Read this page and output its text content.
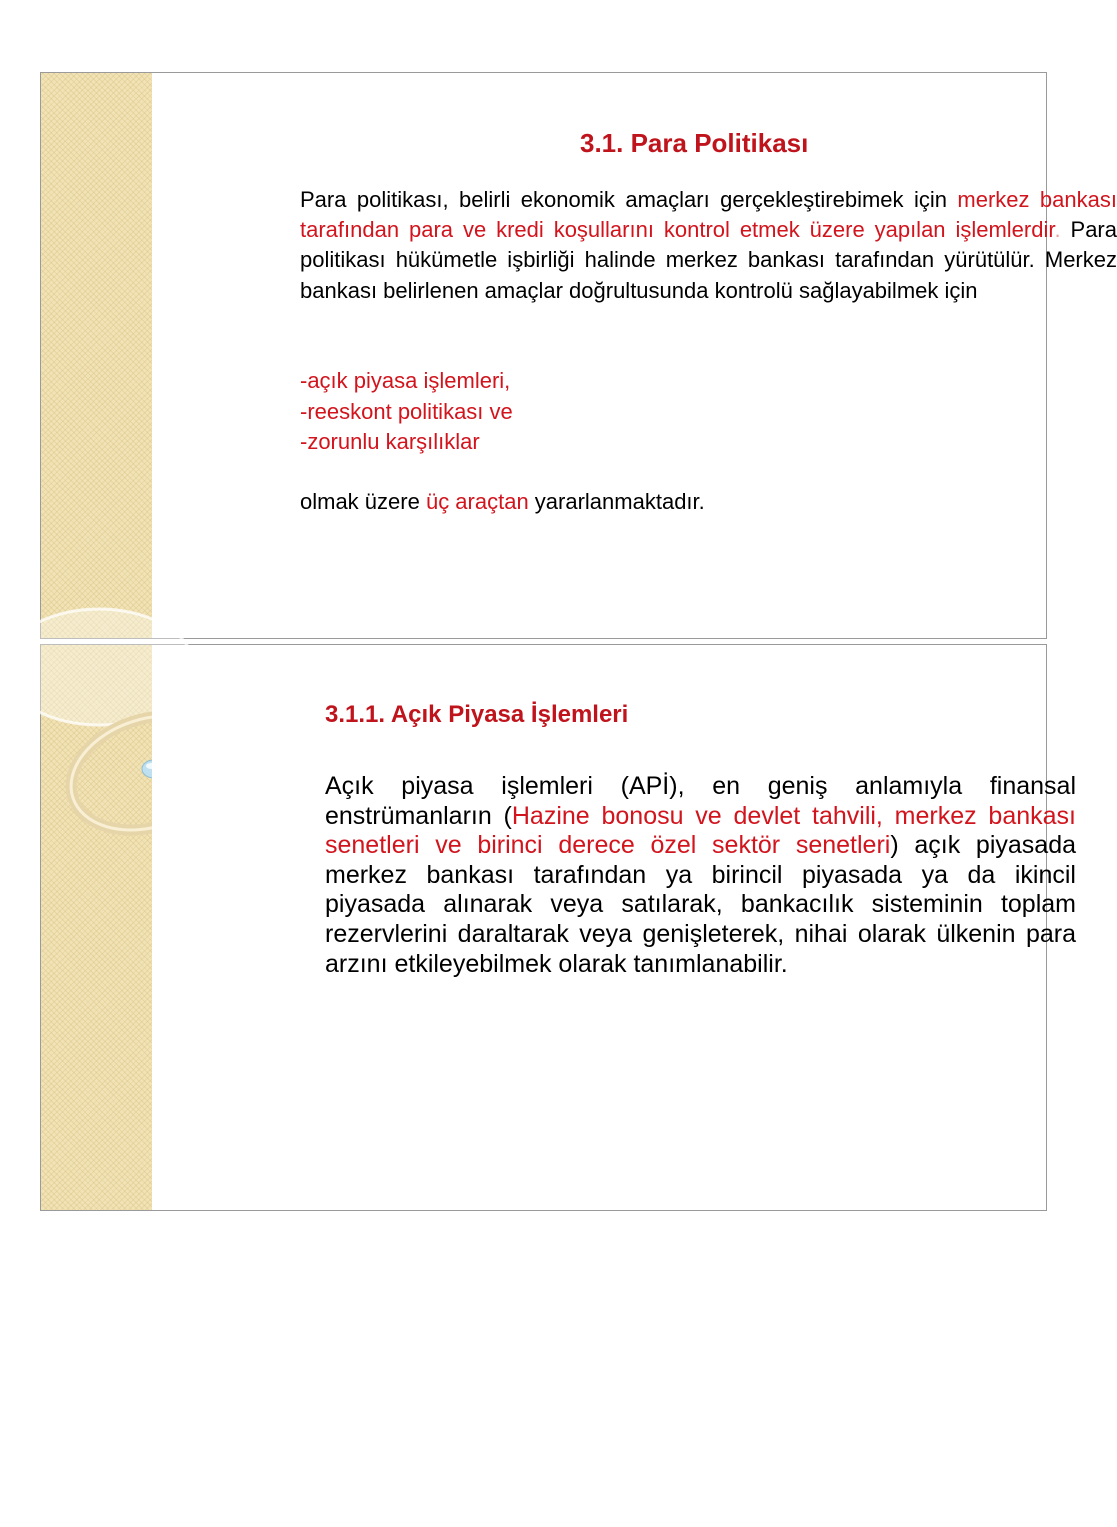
3.1. Para Politikası

Para politikası, belirli ekonomik amaçları gerçekleştirebimek için merkez bankası tarafından para ve kredi koşullarını kontrol etmek üzere yapılan işlemlerdir. Para politikası hükümetle işbirliği halinde merkez bankası tarafından yürütülür. Merkez bankası belirlenen amaçlar doğrultusunda kontrolü sağlayabilmek için

-açık piyasa işlemleri,
-reeskont politikası ve
-zorunlu karşılıklar

olmak üzere üç araçtan yararlanmaktadır.

3.1.1. Açık Piyasa İşlemleri

Açık piyasa işlemleri (APİ), en geniş anlamıyla finansal enstrümanların (Hazine bonosu ve devlet tahvili, merkez bankası senetleri ve birinci derece özel sektör senetleri) açık piyasada merkez bankası tarafından ya birincil piyasada ya da ikincil piyasada alınarak veya satılarak, bankacılık sisteminin toplam rezervlerini daraltarak veya genişleterek, nihai olarak ülkenin para arzını etkileyebilmek olarak tanımlanabilir.
